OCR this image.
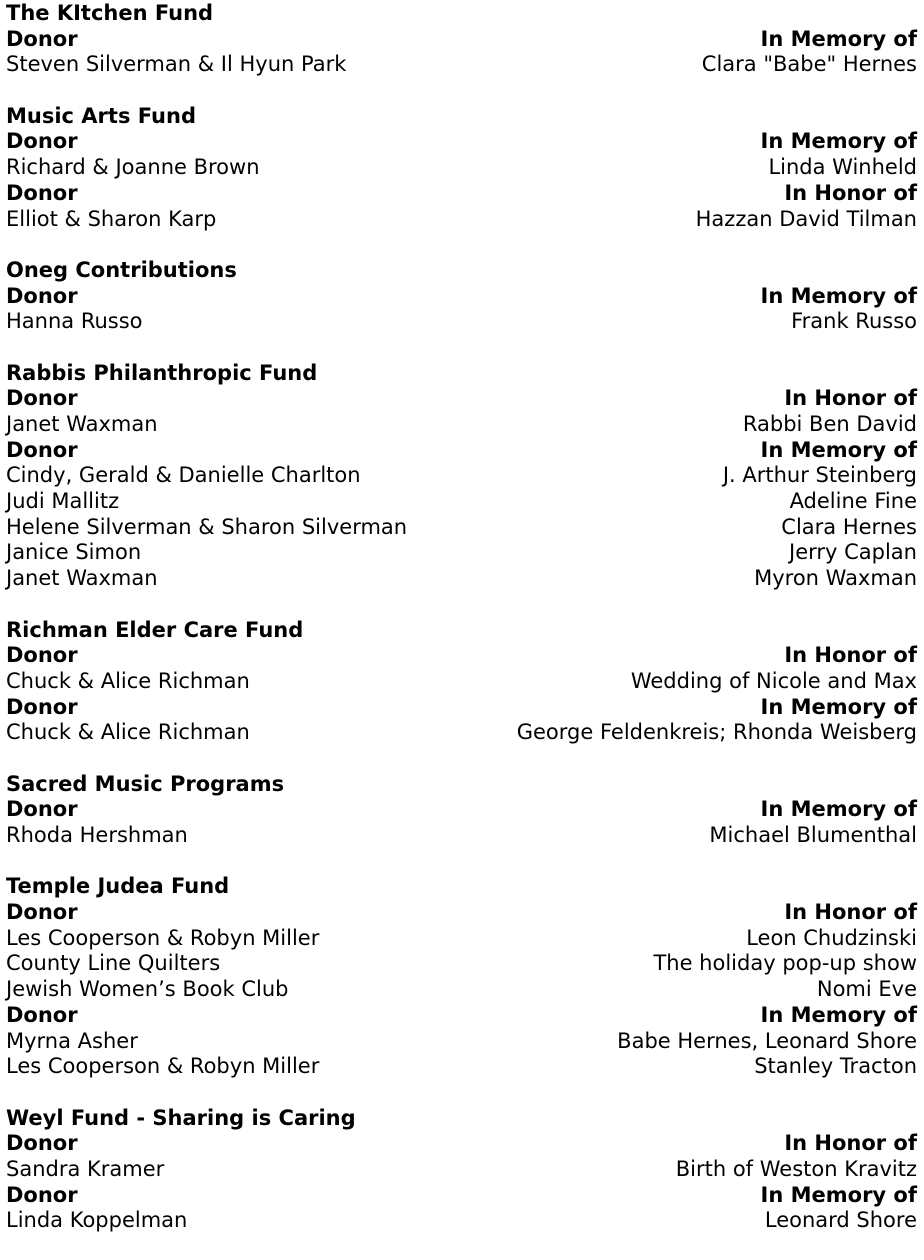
The KItchen Fund
Donor	In Memory of
Steven Silverman & Il Hyun Park	Clara "Babe" Hernes
Music Arts Fund
Donor	In Memory of
Richard & Joanne Brown	Linda Winheld
Donor	In Honor of
Elliot & Sharon Karp	Hazzan David Tilman
Oneg Contributions
Donor	In Memory of
Hanna Russo	Frank Russo
Rabbis Philanthropic Fund
Donor	In Honor of
Janet Waxman	Rabbi Ben David
Donor	In Memory of
Cindy, Gerald & Danielle Charlton	J. Arthur Steinberg
Judi Mallitz	Adeline Fine
Helene Silverman & Sharon Silverman	Clara Hernes
Janice Simon	Jerry Caplan
Janet Waxman	Myron Waxman
Richman Elder Care Fund
Donor	In Honor of
Chuck & Alice Richman	Wedding of Nicole and Max
Donor	In Memory of
Chuck & Alice Richman	George Feldenkreis; Rhonda Weisberg
Sacred Music Programs
Donor	In Memory of
Rhoda Hershman	Michael Blumenthal
Temple Judea Fund
Donor	In Honor of
Les Cooperson & Robyn Miller	Leon Chudzinski
County Line Quilters	The holiday pop-up show
Jewish Women’s Book Club	Nomi Eve
Donor	In Memory of
Myrna Asher	Babe Hernes, Leonard Shore
Les Cooperson & Robyn Miller	Stanley Tracton
Weyl Fund - Sharing is Caring
Donor	In Honor of
Sandra Kramer	Birth of Weston Kravitz
Donor	In Memory of
Linda Koppelman	Leonard Shore
